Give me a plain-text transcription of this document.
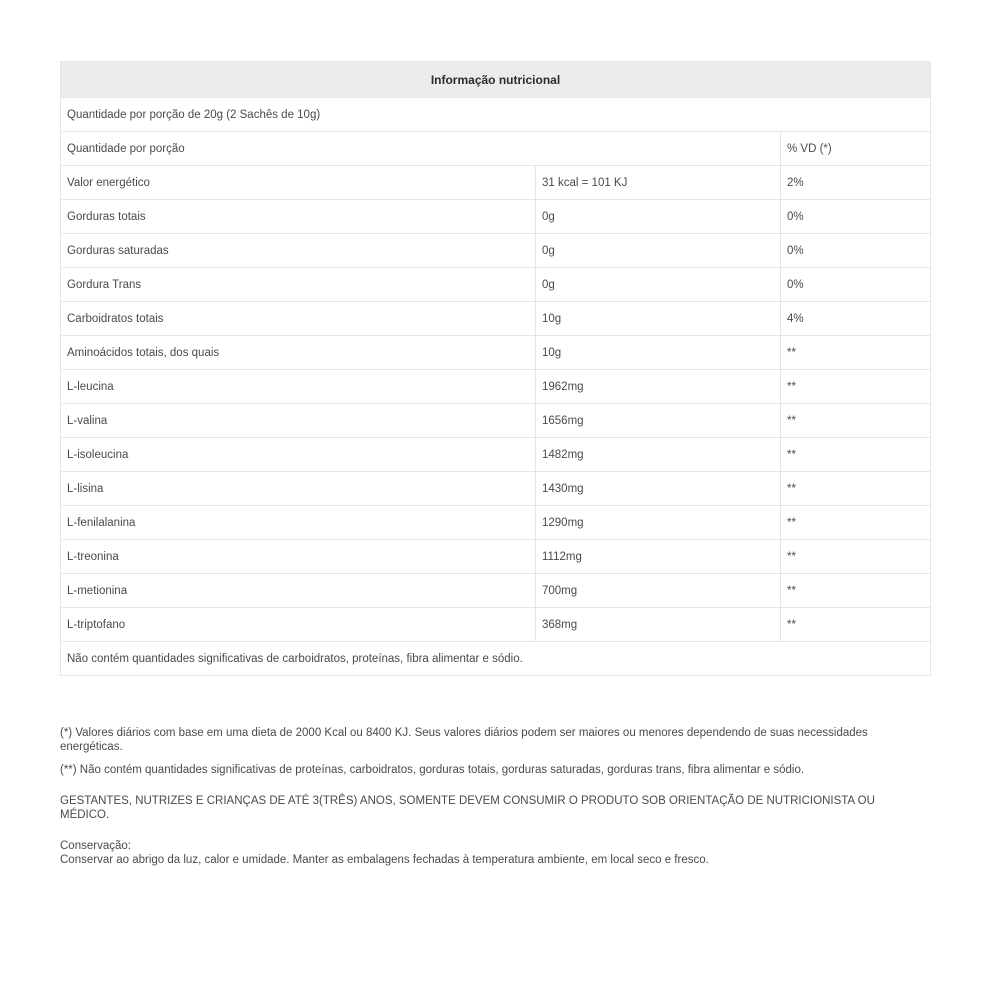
Informação nutricional		
Quantidade por porção de 20g (2 Sachês de 10g)		
Quantidade por porção		% VD (*)
Valor energético	31 kcal = 101 KJ	2%
Gorduras totais	0g	0%
Gorduras saturadas	0g	0%
Gordura Trans	0g	0%
Carboidratos totais	10g	4%
Aminoácidos totais, dos quais	10g	**
L-leucina	1962mg	**
L-valina	1656mg	**
L-isoleucina	1482mg	**
L-lisina	1430mg	**
L-fenilalanina	1290mg	**
L-treonina	1112mg	**
L-metionina	700mg	**
L-triptofano	368mg	**
Não contém quantidades significativas de carboidratos, proteínas, fibra alimentar e sódio.		

(*) Valores diários com base em uma dieta de 2000 Kcal ou 8400 KJ. Seus valores diários podem ser maiores ou menores dependendo de suas necessidades energéticas.

(**) Não contém quantidades significativas de proteínas, carboidratos, gorduras totais, gorduras saturadas, gorduras trans, fibra alimentar e sódio.

GESTANTES, NUTRIZES E CRIANÇAS DE ATÉ 3(TRÊS) ANOS, SOMENTE DEVEM CONSUMIR O PRODUTO SOB ORIENTAÇÃO DE NUTRICIONISTA OU MÉDICO.

Conservação:

Conservar ao abrigo da luz, calor e umidade. Manter as embalagens fechadas à temperatura ambiente, em local seco e fresco.
